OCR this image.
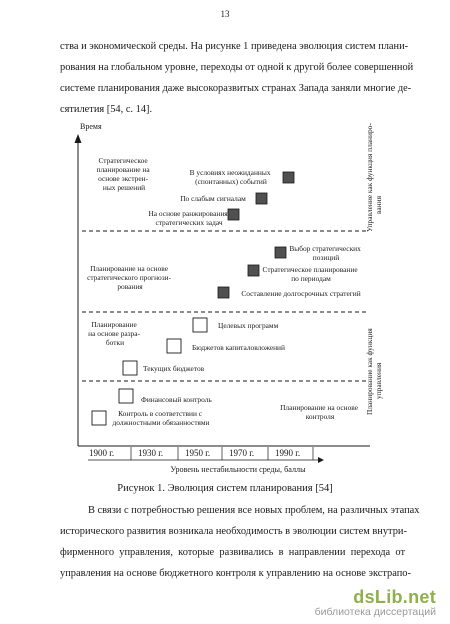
13

ства и экономической среды. На рисунке 1 приведена эволюция систем плани-
рования на глобальном уровне, переходы от одной к другой более совершенной
системе планирования даже высокоразвитых странах Запада заняли многие де-
сятилетия [54, с. 14].

Время	Управление как функция планиро- вания
Планирование как функция управления
Стратегическое планирование на основе экстрен- ных решений
В условиях неожиданных (спонтанных) событий
По слабым сигналам
На основе ранжирования стратегических задач
Планирование на основе стратегического прогнози- рования
Выбор стратегических позиций
Стратегическое планирование по периодам
Составление долгосрочных стратегий
Планирование на основе разра- ботки
Целевых программ
Бюджетов капиталовложений
Текущих бюджетов
Финансовый контроль
Контроль в соответствии с должностными обязанностями
Планирование на основе контроля
1900 г.	1930 г. 1950 г. 1970 г. 1990 г.
Уровень нестабильности среды, баллы
Рисунок 1. Эволюция систем планирования [54]

В связи с потребностью решения все новых проблем, на различных этапах
исторического развития возникала необходимость в эволюции систем внутри-
фирменного управления, которые развивались в направлении перехода от
управления на основе бюджетного контроля к управлению на основе экстрапо-

dsLib.net
библиотека диссертаций
